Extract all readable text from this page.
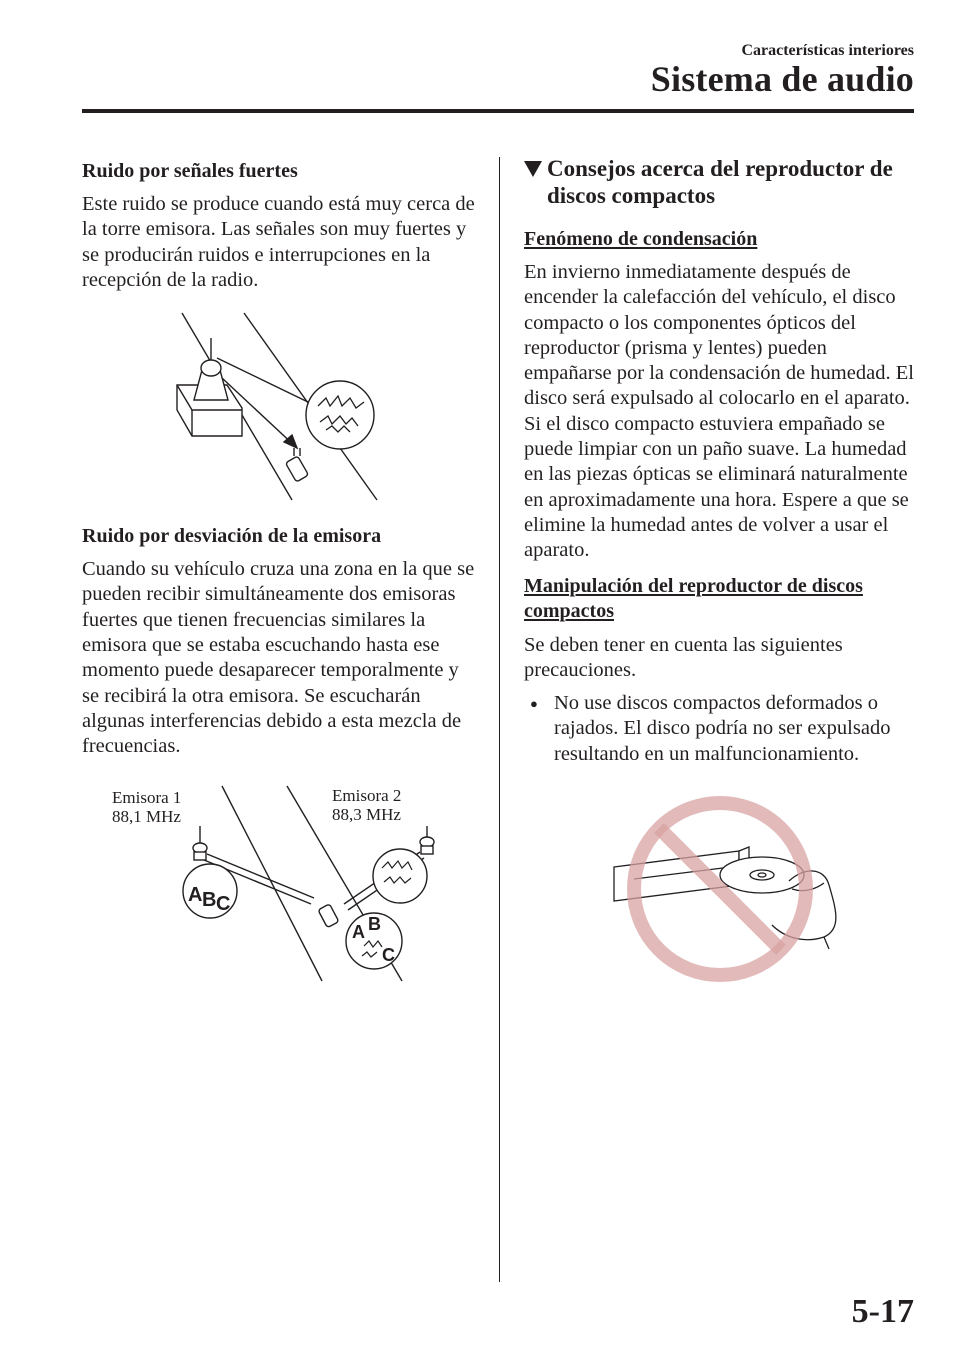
Características interiores
Sistema de audio

Ruido por señales fuertes

Este ruido se produce cuando está muy cerca de la torre emisora. Las señales son muy fuertes y se producirán ruidos e interrupciones en la recepción de la radio.

Ruido por desviación de la emisora

Cuando su vehículo cruza una zona en la que se pueden recibir simultáneamente dos emisoras fuertes que tienen frecuencias similares la emisora que se estaba escuchando hasta ese momento puede desaparecer temporalmente y se recibirá la otra emisora. Se escucharán algunas interferencias debido a esta mezcla de frecuencias.

A B C
A B
C
Emisora 1
88,1 MHz
Emisora 2
88,3 MHz
Consejos acerca del reproductor de discos compactos

Fenómeno de condensación

En invierno inmediatamente después de encender la calefacción del vehículo, el disco compacto o los componentes ópticos del reproductor (prisma y lentes) pueden empañarse por la condensación de humedad. El disco será expulsado al colocarlo en el aparato. Si el disco compacto estuviera empañado se puede limpiar con un paño suave. La humedad en las piezas ópticas se eliminará naturalmente en aproximadamente una hora. Espere a que se elimine la humedad antes de volver a usar el aparato.

Manipulación del reproductor de discos compactos

Se deben tener en cuenta las siguientes precauciones.

● No use discos compactos deformados o rajados. El disco podría no ser expulsado resultando en un malfuncionamiento.
5-17
